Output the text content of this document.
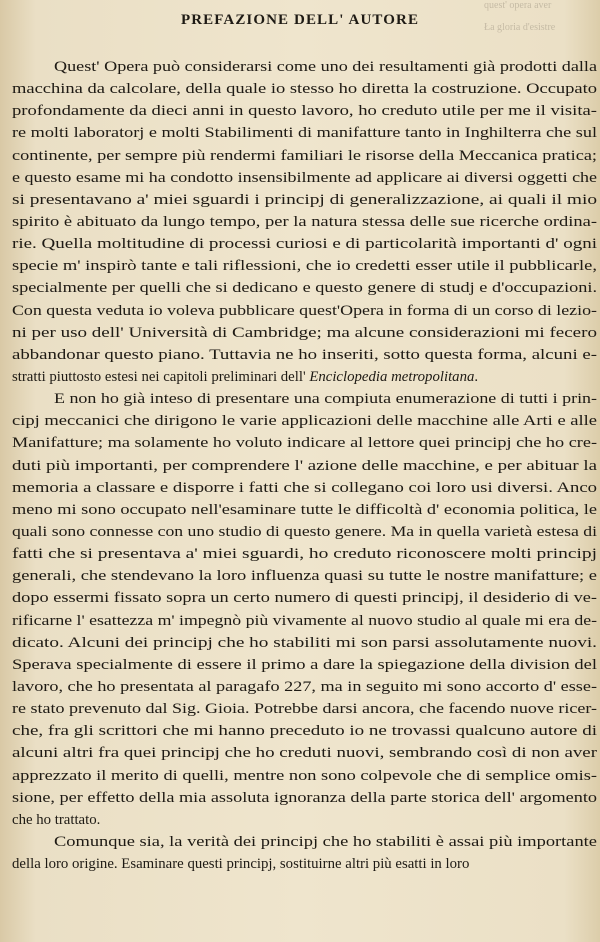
quest' opera aver
Ła gloria d'esistre
PREFAZIONE DELL' AUTORE
Quest' Opera può considerarsi come uno dei resultamenti già prodotti dalla
macchina da calcolare, della quale io stesso ho diretta la costruzione. Occupato
profondamente da dieci anni in questo lavoro, ho creduto utile per me il visita-
re molti laboratorj e molti Stabilimenti di manifatture tanto in Inghilterra che sul
continente, per sempre più rendermi familiari le risorse della Meccanica pratica;
e questo esame mi ha condotto insensibilmente ad applicare ai diversi oggetti che
si presentavano a' miei sguardi i principj di generalizzazione, ai quali il mio
spirito è abituato da lungo tempo, per la natura stessa delle sue ricerche ordina-
rie. Quella moltitudine di processi curiosi e di particolarità importanti d' ogni
specie m' inspirò tante e tali riflessioni, che io credetti esser utile il pubblicarle,
specialmente per quelli che si dedicano e questo genere di studj e d'occupazioni.
Con questa veduta io voleva pubblicare quest'Opera in forma di un corso di lezio-
ni per uso dell' Università di Cambridge; ma alcune considerazioni mi fecero
abbandonar questo piano. Tuttavia ne ho inseriti, sotto questa forma, alcuni e-
stratti piuttosto estesi nei capitoli preliminari dell' Enciclopedia metropolitana.
E non ho già inteso di presentare una compiuta enumerazione di tutti i prin-
cipj meccanici che dirigono le varie applicazioni delle macchine alle Arti e alle
Manifatture; ma solamente ho voluto indicare al lettore quei principj che ho cre-
duti più importanti, per comprendere l' azione delle macchine, e per abituar la
memoria a classare e disporre i fatti che si collegano coi loro usi diversi. Anco
meno mi sono occupato nell'esaminare tutte le difficoltà d' economia politica, le
quali sono connesse con uno studio di questo genere. Ma in quella varietà estesa di
fatti che si presentava a' miei sguardi, ho creduto riconoscere molti principj
generali, che stendevano la loro influenza quasi su tutte le nostre manifatture; e
dopo essermi fissato sopra un certo numero di questi principj, il desiderio di ve-
rificarne l' esattezza m' impegnò più vivamente al nuovo studio al quale mi era de-
dicato. Alcuni dei principj che ho stabiliti mi son parsi assolutamente nuovi.
Sperava specialmente di essere il primo a dare la spiegazione della division del
lavoro, che ho presentata al paragafo 227, ma in seguito mi sono accorto d' esse-
re stato prevenuto dal Sig. Gioia. Potrebbe darsi ancora, che facendo nuove ricer-
che, fra gli scrittori che mi hanno preceduto io ne trovassi qualcuno autore di
alcuni altri fra quei principj che ho creduti nuovi, sembrando così di non aver
apprezzato il merito di quelli, mentre non sono colpevole che di semplice omis-
sione, per effetto della mia assoluta ignoranza della parte storica dell' argomento
che ho trattato.
Comunque sia, la verità dei principj che ho stabiliti è assai più importante
della loro origine. Esaminare questi principj, sostituirne altri più esatti in loro
